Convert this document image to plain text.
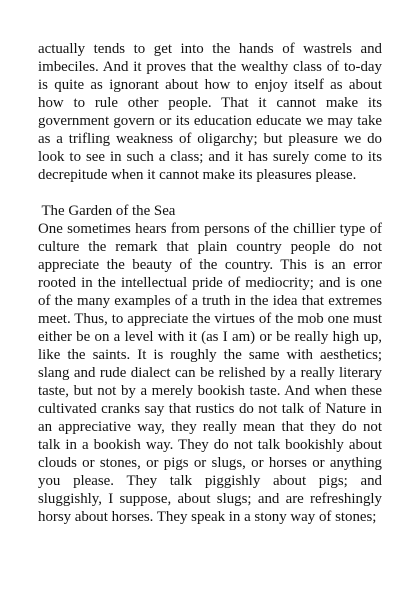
actually tends to get into the hands of wastrels and imbeciles. And it proves that the wealthy class of to-day is quite as ignorant about how to enjoy itself as about how to rule other people. That it cannot make its government govern or its education educate we may take as a trifling weakness of oligarchy; but pleasure we do look to see in such a class; and it has surely come to its decrepitude when it cannot make its pleasures please.

The Garden of the Sea

One sometimes hears from persons of the chillier type of culture the remark that plain country people do not appreciate the beauty of the country. This is an error rooted in the intellectual pride of mediocrity; and is one of the many examples of a truth in the idea that extremes meet. Thus, to appreciate the virtues of the mob one must either be on a level with it (as I am) or be really high up, like the saints. It is roughly the same with aesthetics; slang and rude dialect can be relished by a really literary taste, but not by a merely bookish taste. And when these cultivated cranks say that rustics do not talk of Nature in an appreciative way, they really mean that they do not talk in a bookish way. They do not talk bookishly about clouds or stones, or pigs or slugs, or horses or anything you please. They talk piggishly about pigs; and sluggishly, I suppose, about slugs; and are refreshingly horsy about horses. They speak in a stony way of stones;
